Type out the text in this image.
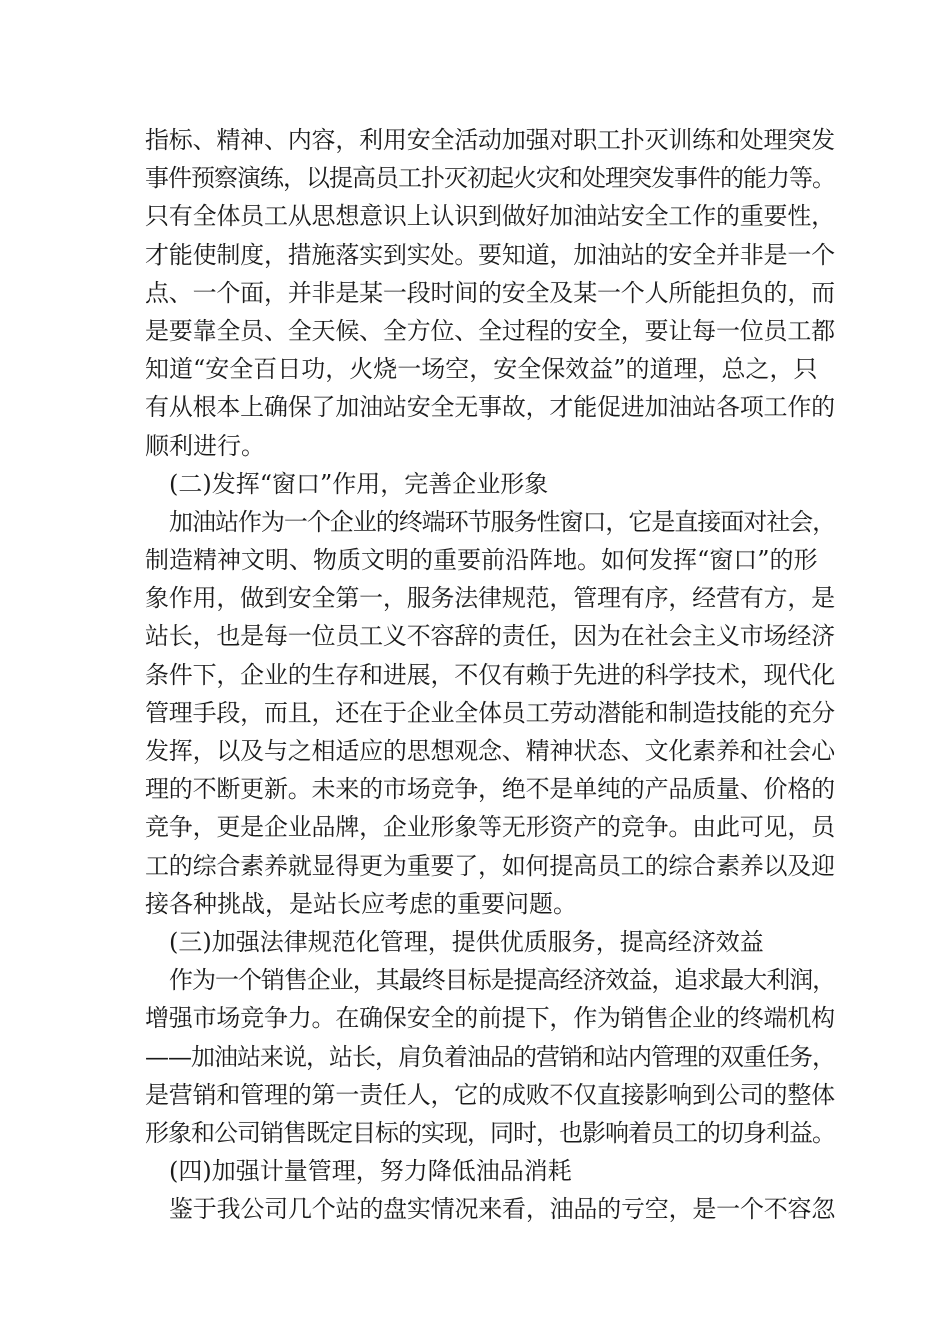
指标、精神、内容，利用安全活动加强对职工扑灭训练和处理突发
事件预察演练，以提高员工扑灭初起火灾和处理突发事件的能力等。
只有全体员工从思想意识上认识到做好加油站安全工作的重要性，
才能使制度，措施落实到实处。要知道，加油站的安全并非是一个
点、一个面，并非是某一段时间的安全及某一个人所能担负的，而
是要靠全员、全天候、全方位、全过程的安全，要让每一位员工都
知道“安全百日功，火烧一场空，安全保效益”的道理，总之，只
有从根本上确保了加油站安全无事故，才能促进加油站各项工作的
顺利进行。
(二)发挥“窗口”作用，完善企业形象
加油站作为一个企业的终端环节服务性窗口，它是直接面对社会，
制造精神文明、物质文明的重要前沿阵地。如何发挥“窗口”的形
象作用，做到安全第一，服务法律规范，管理有序，经营有方，是
站长，也是每一位员工义不容辞的责任，因为在社会主义市场经济
条件下，企业的生存和进展，不仅有赖于先进的科学技术，现代化
管理手段，而且，还在于企业全体员工劳动潜能和制造技能的充分
发挥，以及与之相适应的思想观念、精神状态、文化素养和社会心
理的不断更新。未来的市场竞争，绝不是单纯的产品质量、价格的
竞争，更是企业品牌，企业形象等无形资产的竞争。由此可见，员
工的综合素养就显得更为重要了，如何提高员工的综合素养以及迎
接各种挑战，是站长应考虑的重要问题。
(三)加强法律规范化管理，提供优质服务，提高经济效益
作为一个销售企业，其最终目标是提高经济效益，追求最大利润，
增强市场竞争力。在确保安全的前提下，作为销售企业的终端机构
——加油站来说，站长，肩负着油品的营销和站内管理的双重任务，
是营销和管理的第一责任人，它的成败不仅直接影响到公司的整体
形象和公司销售既定目标的实现，同时，也影响着员工的切身利益。
(四)加强计量管理，努力降低油品消耗
鉴于我公司几个站的盘实情况来看，油品的亏空，是一个不容忽
